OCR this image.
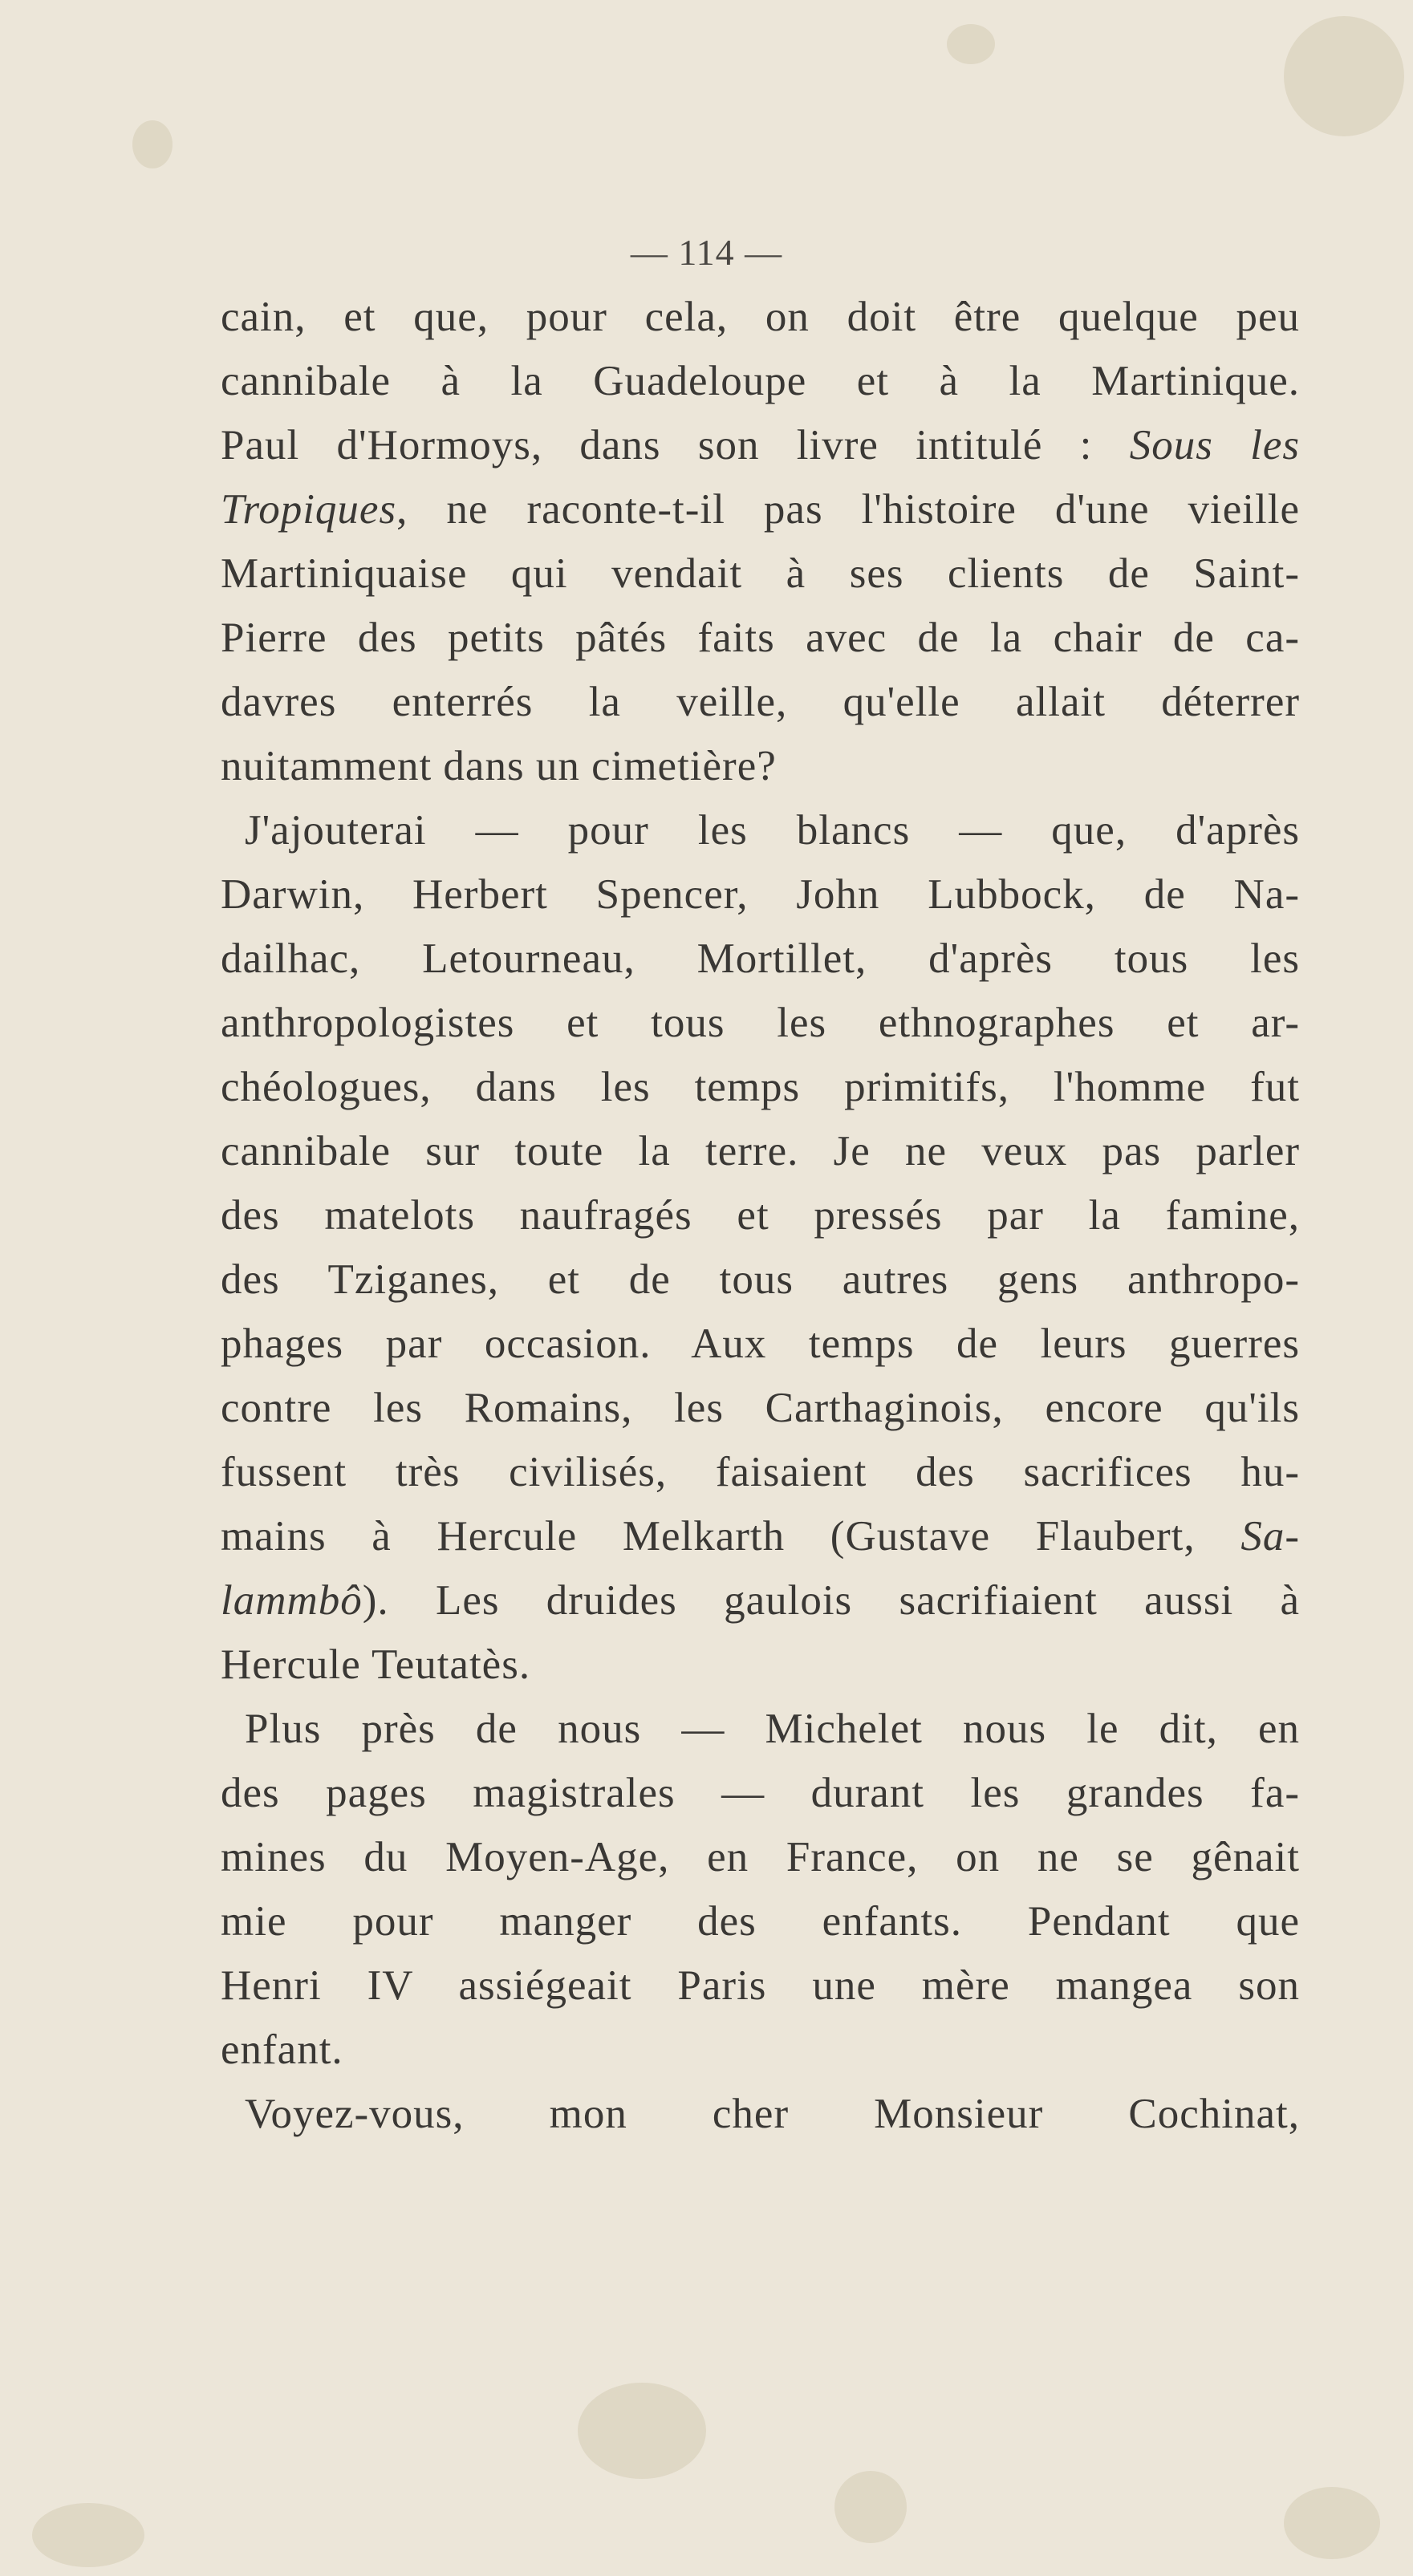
— 114 —
cain, et que, pour cela, on doit être quelque peu
cannibale à la Guadeloupe et à la Martinique.
Paul d'Hormoys, dans son livre intitulé : Sous les
Tropiques, ne raconte-t-il pas l'histoire d'une vieille
Martiniquaise qui vendait à ses clients de Saint-
Pierre des petits pâtés faits avec de la chair de ca-
davres enterrés la veille, qu'elle allait déterrer
nuitamment dans un cimetière?
J'ajouterai — pour les blancs — que, d'après
Darwin, Herbert Spencer, John Lubbock, de Na-
dailhac, Letourneau, Mortillet, d'après tous les
anthropologistes et tous les ethnographes et ar-
chéologues, dans les temps primitifs, l'homme fut
cannibale sur toute la terre. Je ne veux pas parler
des matelots naufragés et pressés par la famine,
des Tziganes, et de tous autres gens anthropo-
phages par occasion. Aux temps de leurs guerres
contre les Romains, les Carthaginois, encore qu'ils
fussent très civilisés, faisaient des sacrifices hu-
mains à Hercule Melkarth (Gustave Flaubert, Sa-
lammbô). Les druides gaulois sacrifiaient aussi à
Hercule Teutatès.
Plus près de nous — Michelet nous le dit, en
des pages magistrales — durant les grandes fa-
mines du Moyen-Age, en France, on ne se gênait
mie pour manger des enfants. Pendant que
Henri IV assiégeait Paris une mère mangea son
enfant.
Voyez-vous, mon cher Monsieur Cochinat,
